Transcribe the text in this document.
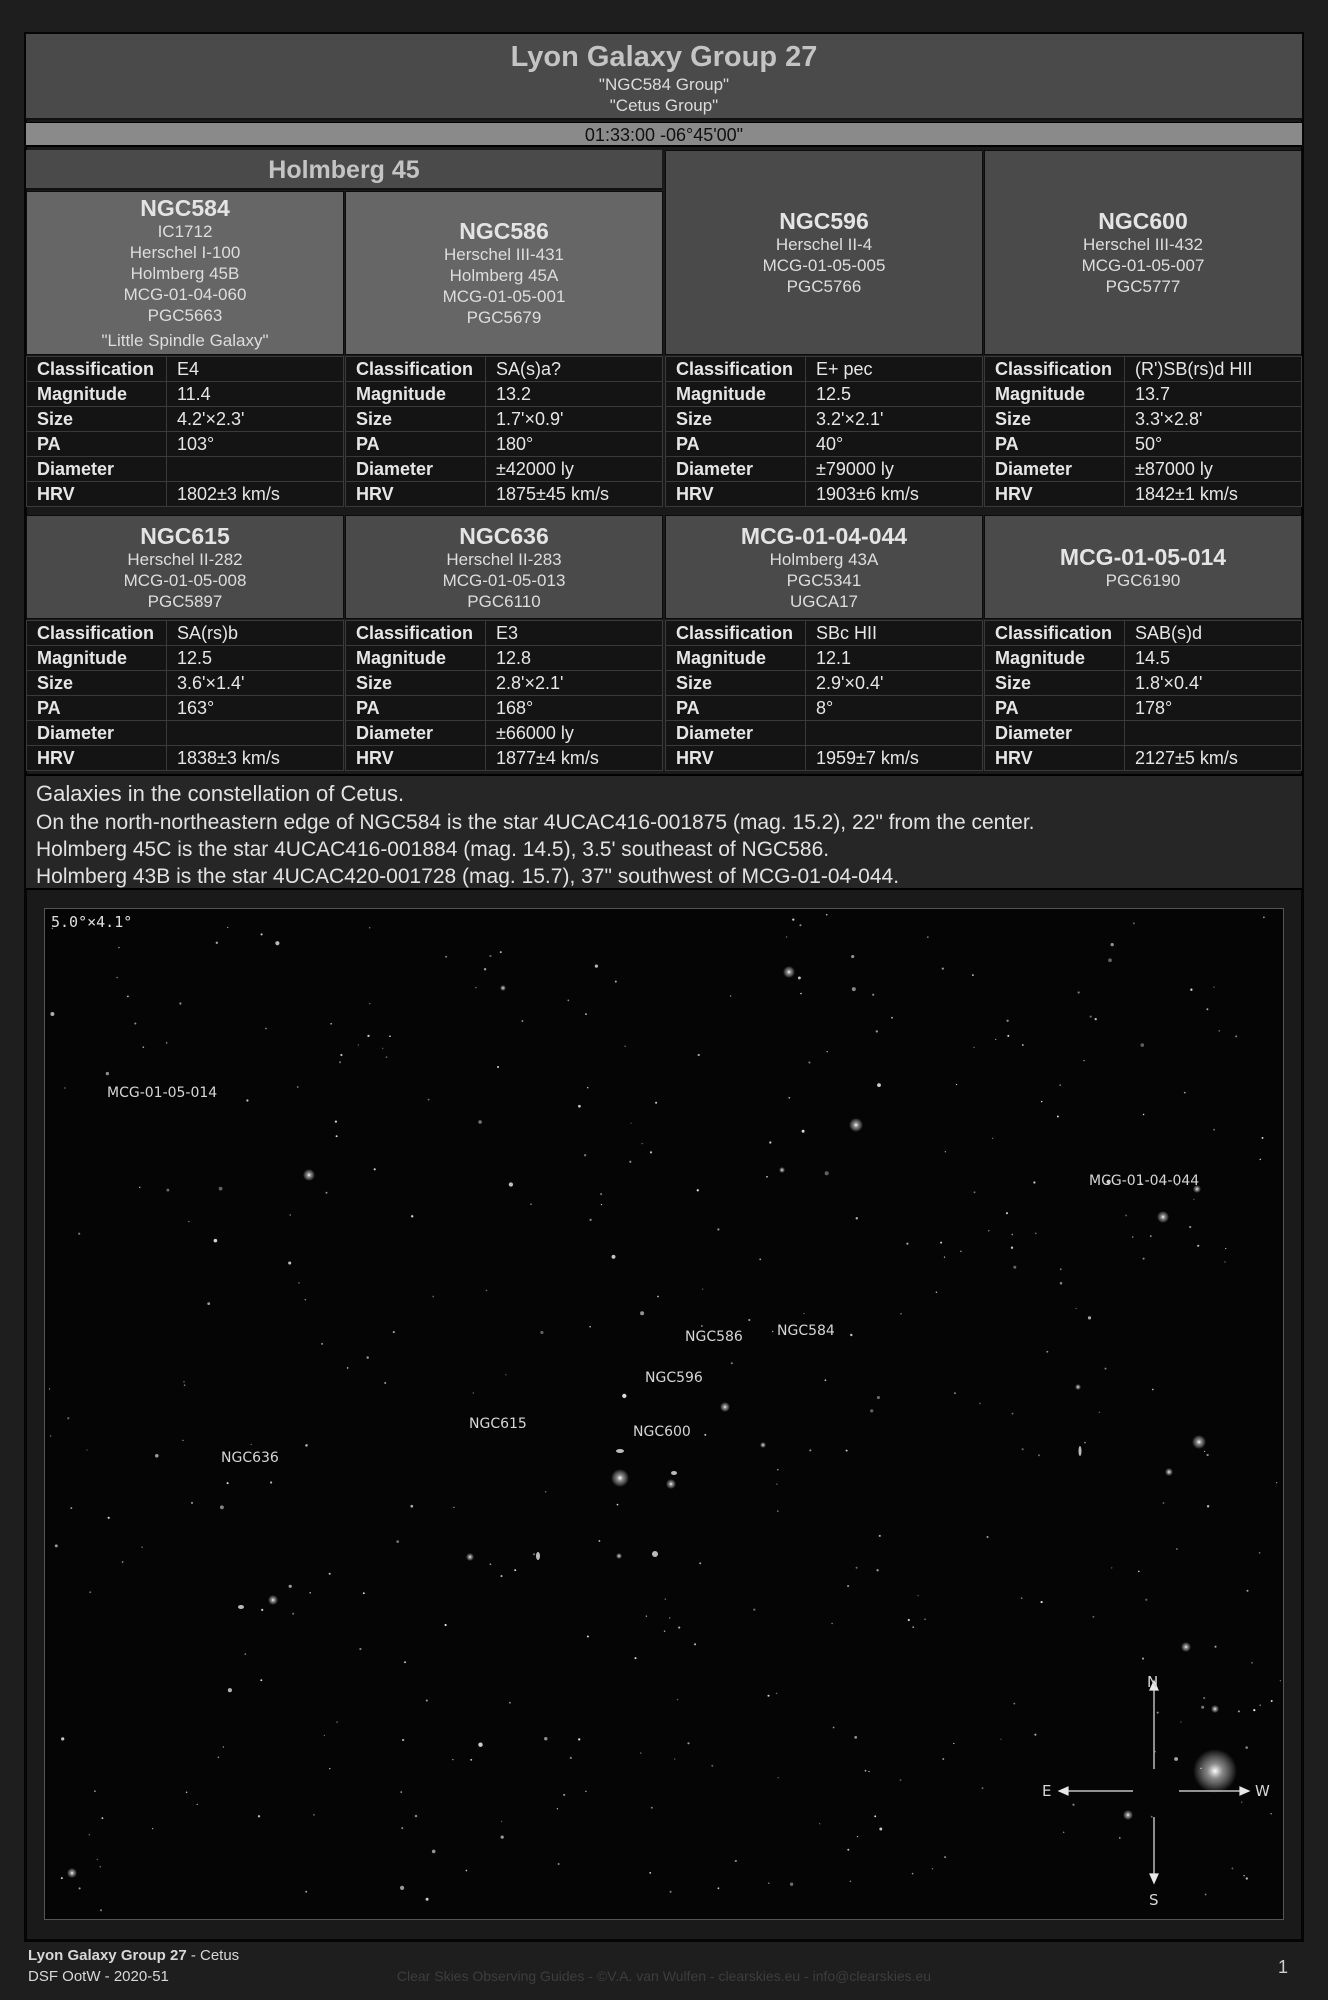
Lyon Galaxy Group 27
"NGC584 Group"
"Cetus Group"
01:33:00 -06°45'00"
Holmberg 45
NGC584
IC1712
Herschel I-100
Holmberg 45B
MCG-01-04-060
PGC5663
"Little Spindle Galaxy"
NGC586
Herschel III-431
Holmberg 45A
MCG-01-05-001
PGC5679
NGC596
Herschel II-4
MCG-01-05-005
PGC5766
NGC600
Herschel III-432
MCG-01-05-007
PGC5777
Classification	E4
Magnitude	11.4
Size	4.2'×2.3'
PA	103°
Diameter	
HRV	1802±3 km/s
Classification	SA(s)a?
Magnitude	13.2
Size	1.7'×0.9'
PA	180°
Diameter	±42000 ly
HRV	1875±45 km/s
Classification	E+ pec
Magnitude	12.5
Size	3.2'×2.1'
PA	40°
Diameter	±79000 ly
HRV	1903±6 km/s
Classification	(R')SB(rs)d HII
Magnitude	13.7
Size	3.3'×2.8'
PA	50°
Diameter	±87000 ly
HRV	1842±1 km/s
NGC615
Herschel II-282
MCG-01-05-008
PGC5897
NGC636
Herschel II-283
MCG-01-05-013
PGC6110
MCG-01-04-044
Holmberg 43A
PGC5341
UGCA17
MCG-01-05-014
PGC6190
Classification	SA(rs)b
Magnitude	12.5
Size	3.6'×1.4'
PA	163°
Diameter	
HRV	1838±3 km/s
Classification	E3
Magnitude	12.8
Size	2.8'×2.1'
PA	168°
Diameter	±66000 ly
HRV	1877±4 km/s
Classification	SBc HII
Magnitude	12.1
Size	2.9'×0.4'
PA	8°
Diameter	
HRV	1959±7 km/s
Classification	SAB(s)d
Magnitude	14.5
Size	1.8'×0.4'
PA	178°
Diameter	
HRV	2127±5 km/s
Galaxies in the constellation of Cetus.
On the north-northeastern edge of NGC584 is the star 4UCAC416-001875 (mag. 15.2), 22" from the center.
Holmberg 45C is the star 4UCAC416-001884 (mag. 14.5), 3.5' southeast of NGC586.
Holmberg 43B is the star 4UCAC420-001728 (mag. 15.7), 37" southwest of MCG-01-04-044.
5.0°×4.1°
MCG-01-05-014
MCG-01-04-044
NGC586 NGC584
NGC596
NGC615	NGC600
NGC636
N
S
E	W
Lyon Galaxy Group 27 - Cetus
DSF OotW - 2020-51	Clear Skies Observing Guides - ©V.A. van Wulfen - clearskies.eu - info@clearskies.eu	1
